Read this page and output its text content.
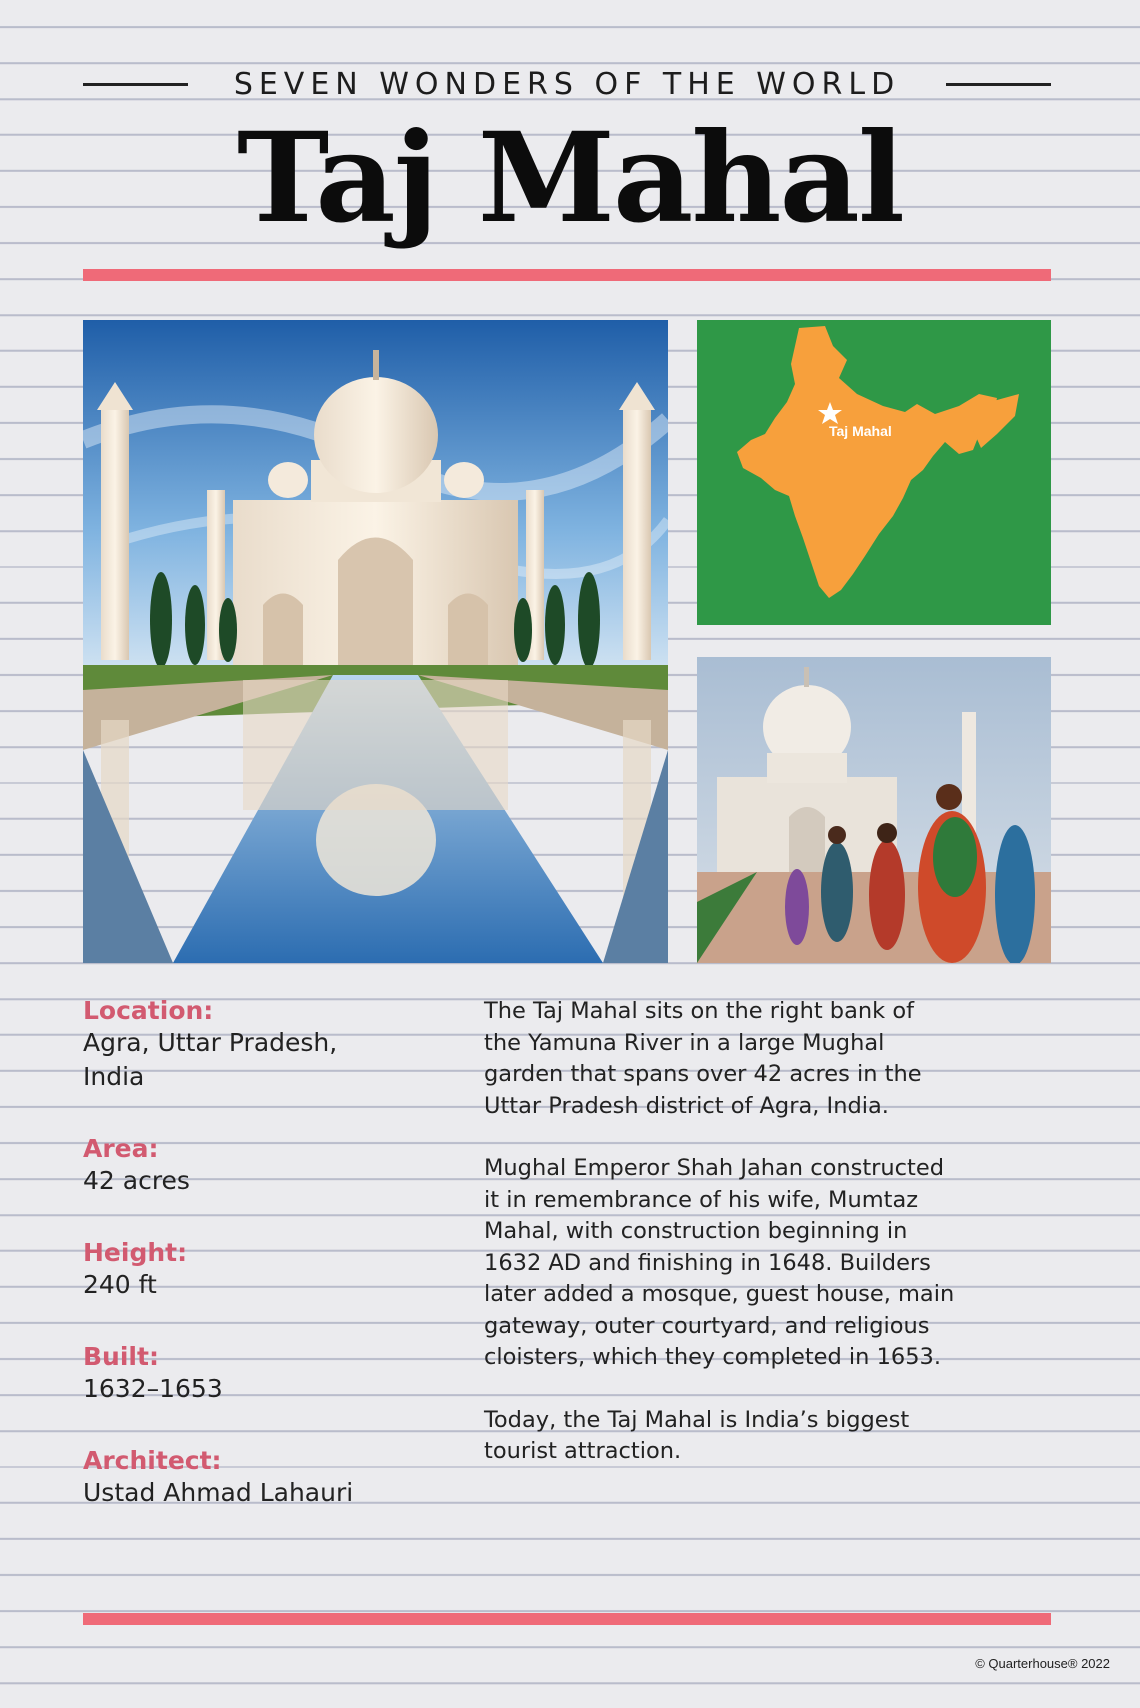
SEVEN WONDERS OF THE WORLD
Taj Mahal
Taj Mahal
Location:
Agra, Uttar Pradesh,
India
Area:
42 acres
Height:
240 ft
Built:
1632–1653
Architect:
Ustad Ahmad Lahauri

The Taj Mahal sits on the right bank of
the Yamuna River in a large Mughal
garden that spans over 42 acres in the
Uttar Pradesh district of Agra, India.

Mughal Emperor Shah Jahan constructed
it in remembrance of his wife, Mumtaz
Mahal, with construction beginning in
1632 AD and finishing in 1648. Builders
later added a mosque, guest house, main
gateway, outer courtyard, and religious
cloisters, which they completed in 1653.

Today, the Taj Mahal is India’s biggest
tourist attraction.

© Quarterhouse® 2022
